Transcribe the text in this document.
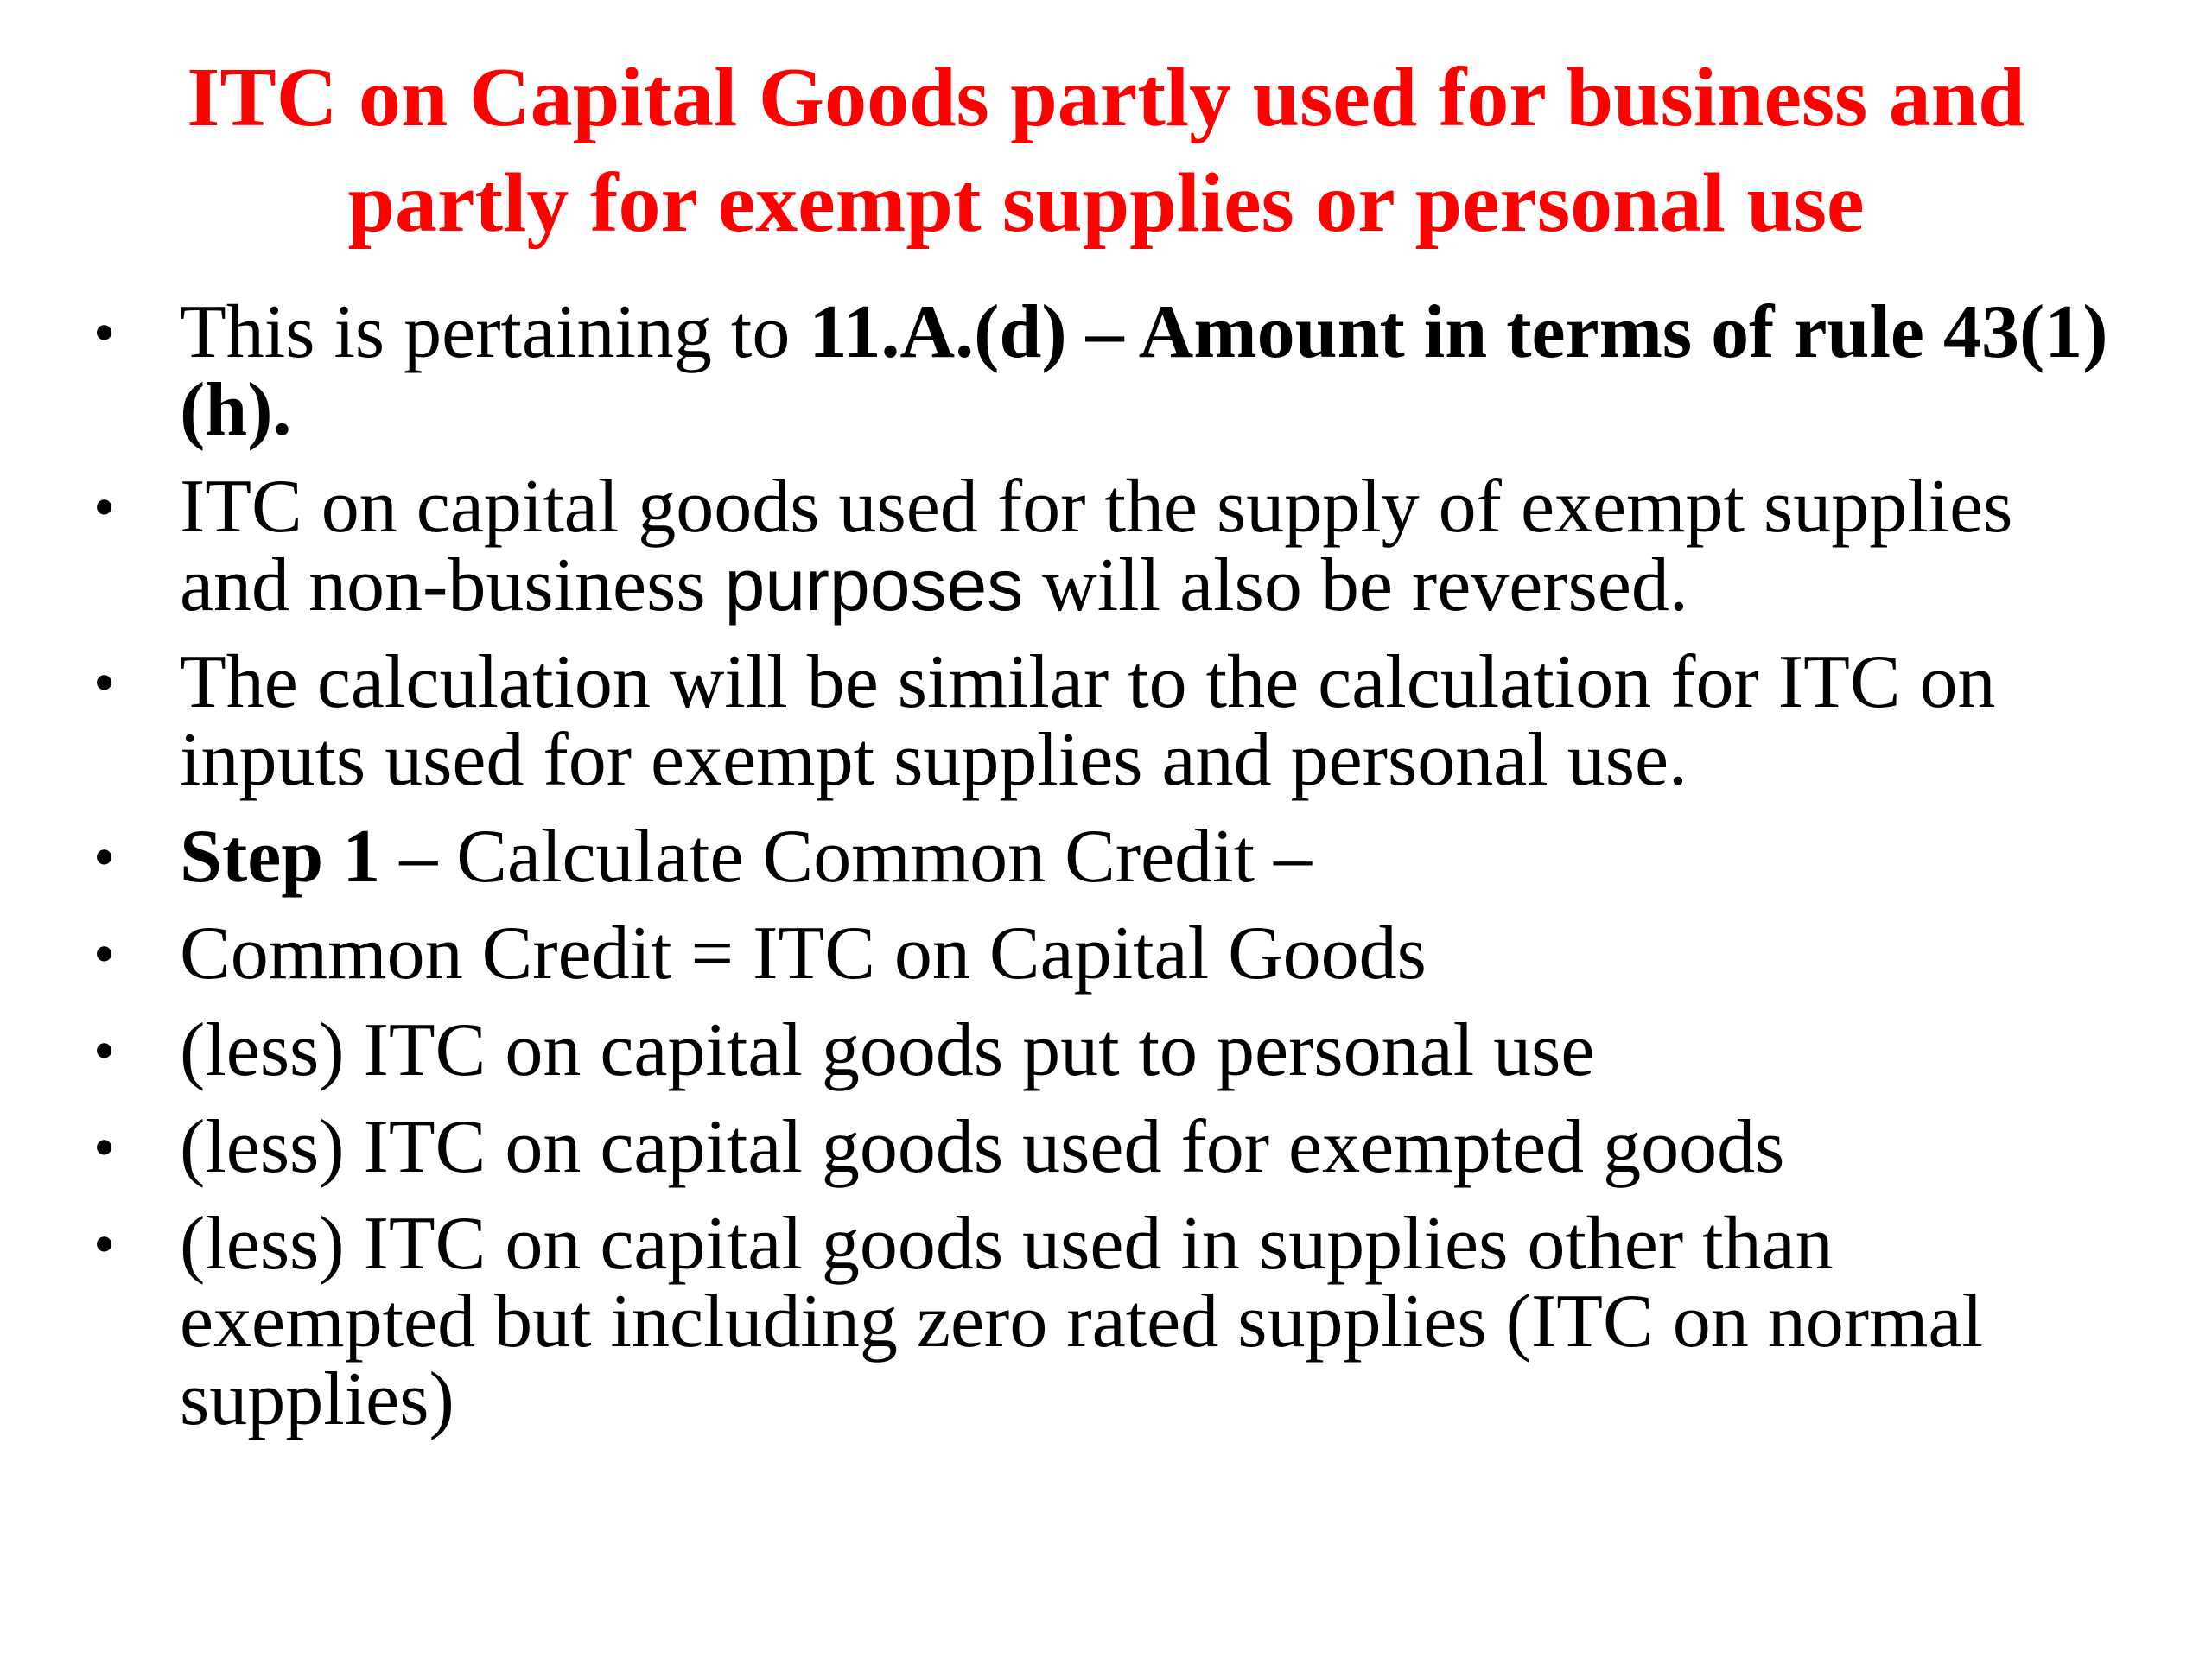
ITC on Capital Goods partly used for business and
partly for exempt supplies or personal use
• This is pertaining to 11.A.(d) – Amount in terms of rule 43(1)(h).
• ITC on capital goods used for the supply of exempt supplies and non-business purposes will also be reversed.
• The calculation will be similar to the calculation for ITC on inputs used for exempt supplies and personal use.
• Step 1 – Calculate Common Credit –
• Common Credit = ITC on Capital Goods
• (less) ITC on capital goods put to personal use
• (less) ITC on capital goods used for exempted goods
• (less) ITC on capital goods used in supplies other than exempted but including zero rated supplies (ITC on normal supplies)
